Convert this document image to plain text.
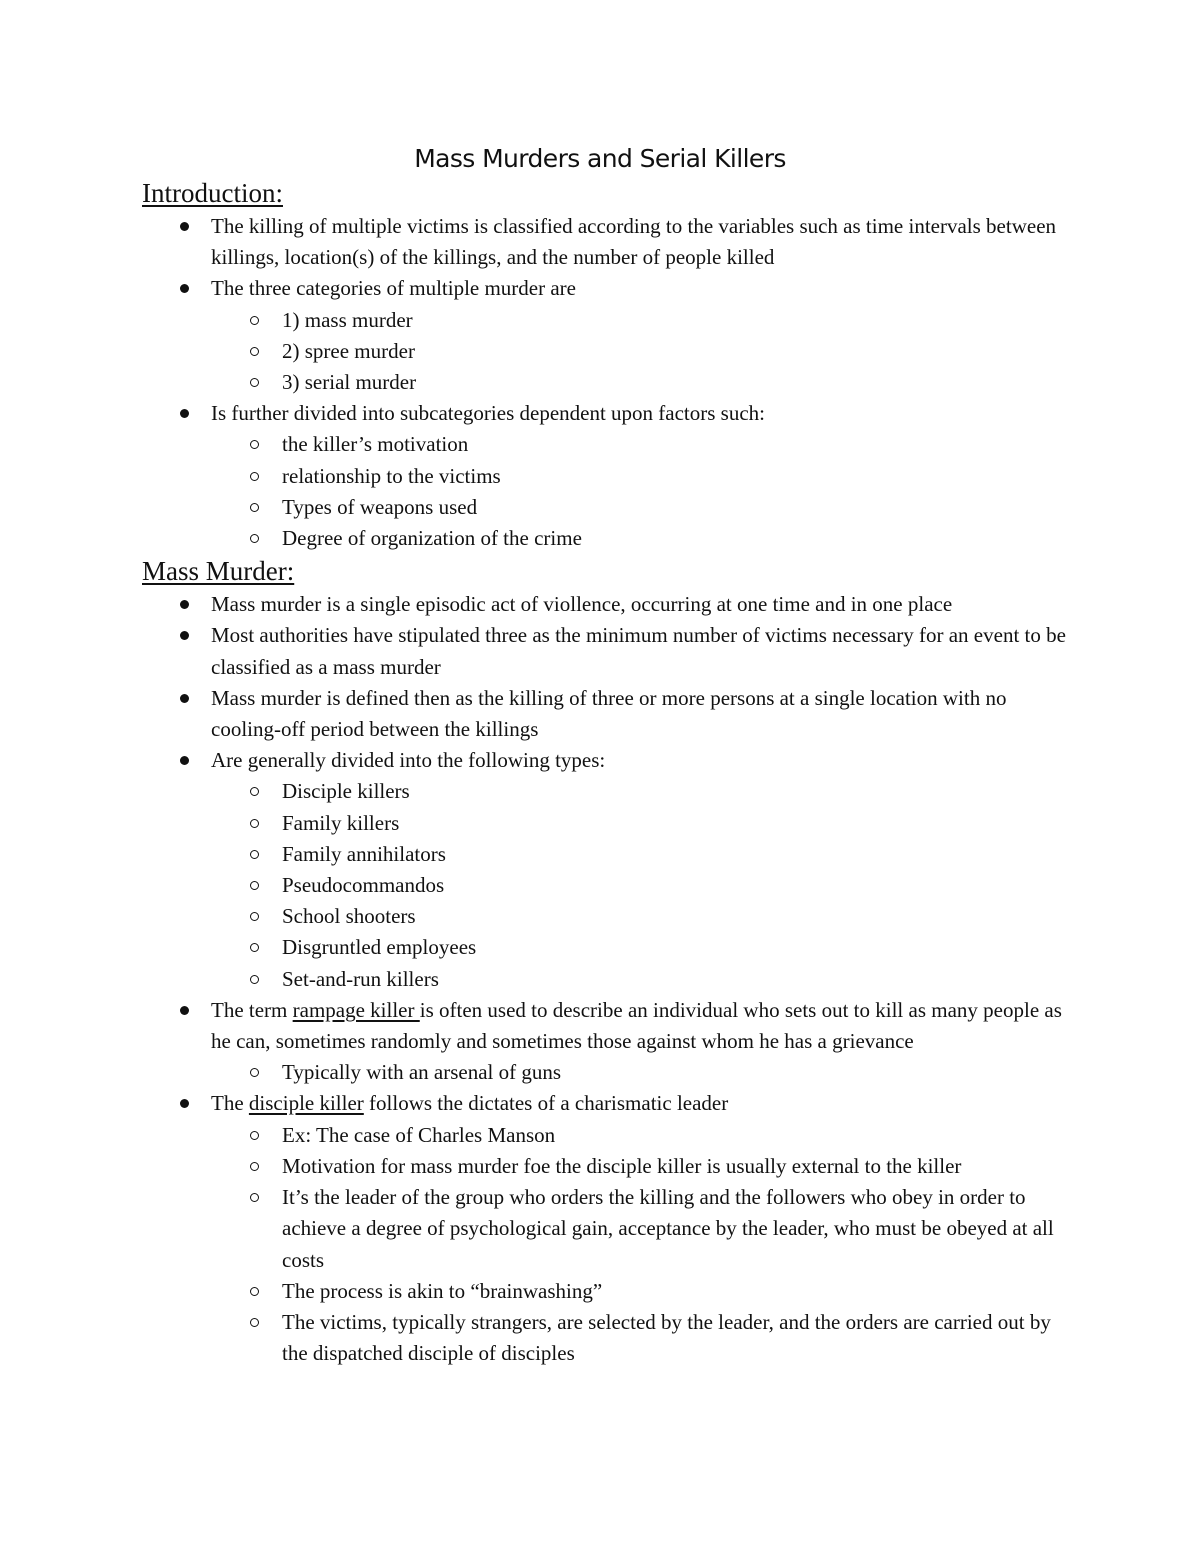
Mass Murders and Serial Killers
Introduction:
The killing of multiple victims is classified according to the variables such as time intervals between killings, location(s) of the killings, and the number of people killed
The three categories of multiple murder are
1) mass murder
2) spree murder
3) serial murder
Is further divided into subcategories dependent upon factors such:
the killer’s motivation
relationship to the victims
Types of weapons used
Degree of organization of the crime
Mass Murder:
Mass murder is a single episodic act of viollence, occurring at one time and in one place
Most authorities have stipulated three as the minimum number of victims necessary for an event to be classified as a mass murder
Mass murder is defined then as the killing of three or more persons at a single location with no cooling-off period between the killings
Are generally divided into the following types:
Disciple killers
Family killers
Family annihilators
Pseudocommandos
School shooters
Disgruntled employees
Set-and-run killers
The term rampage killer is often used to describe an individual who sets out to kill as many people as he can, sometimes randomly and sometimes those against whom he has a grievance
Typically with an arsenal of guns
The disciple killer follows the dictates of a charismatic leader
Ex: The case of Charles Manson
Motivation for mass murder foe the disciple killer is usually external to the killer
It’s the leader of the group who orders the killing and the followers who obey in order to achieve a degree of psychological gain, acceptance by the leader, who must be obeyed at all costs
The process is akin to “brainwashing”
The victims, typically strangers, are selected by the leader, and the orders are carried out by the dispatched disciple of disciples
